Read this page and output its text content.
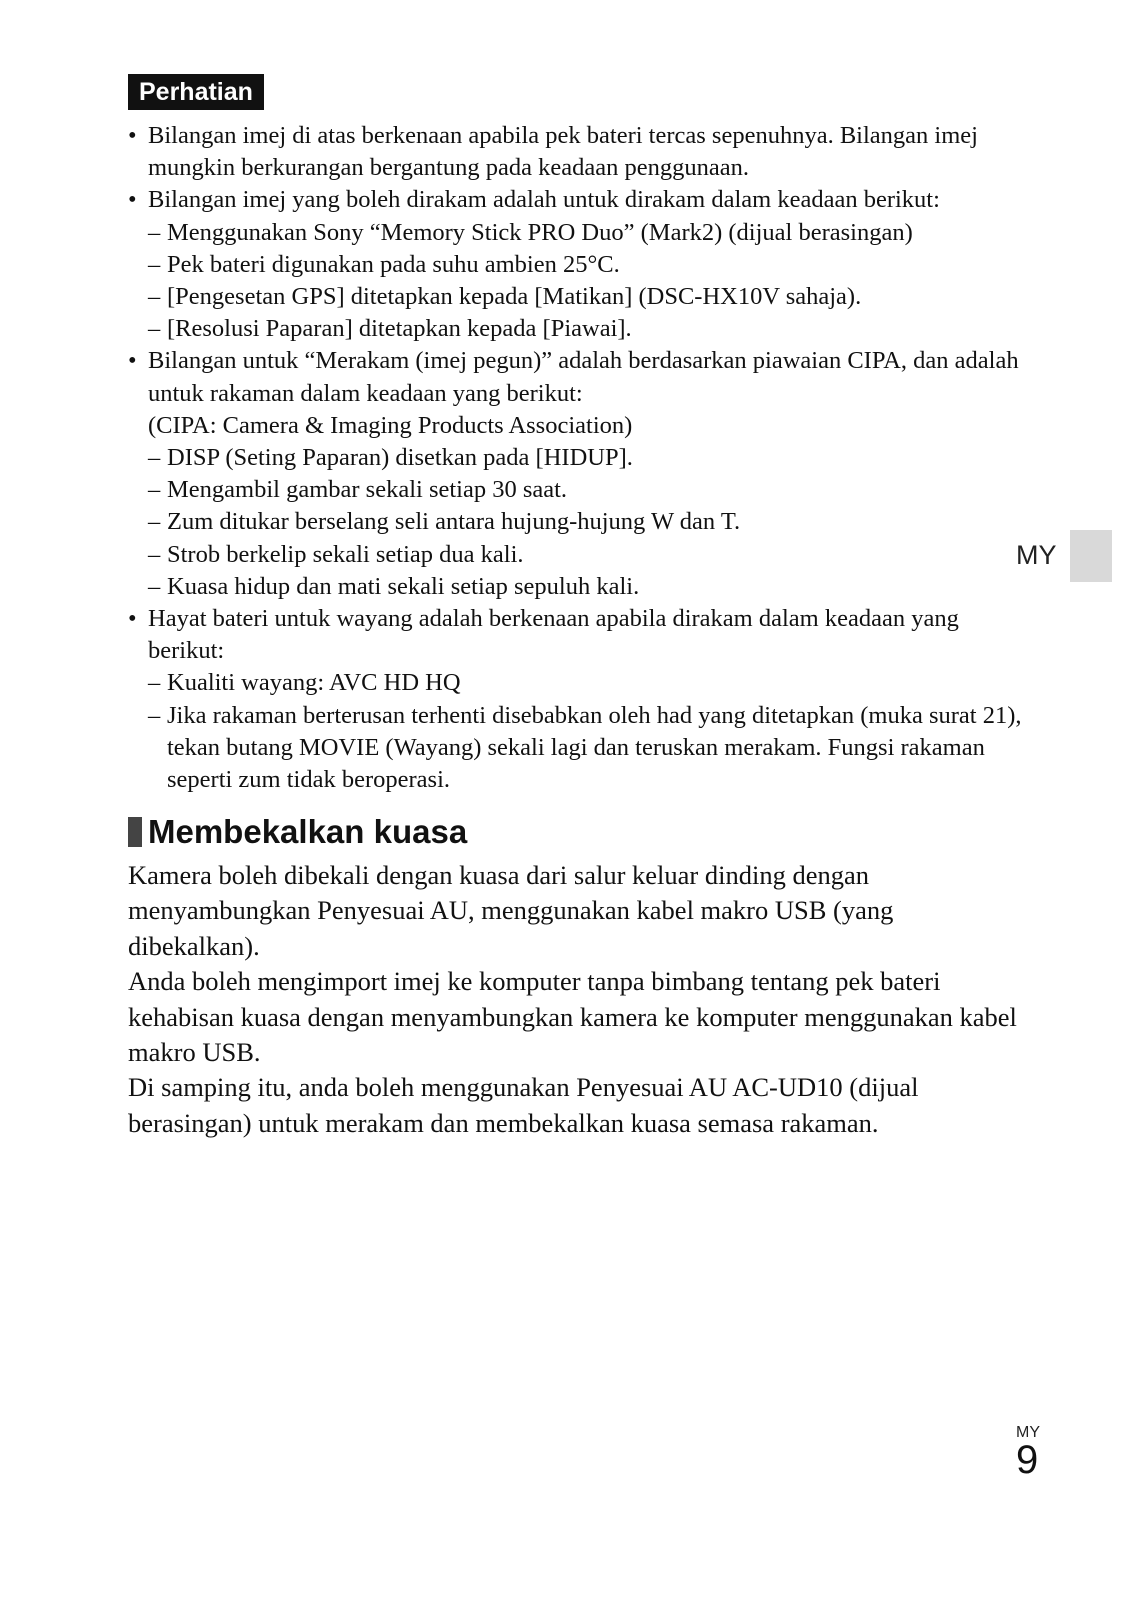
Perhatian
• Bilangan imej di atas berkenaan apabila pek bateri tercas sepenuhnya. Bilangan imej mungkin berkurangan bergantung pada keadaan penggunaan.
• Bilangan imej yang boleh dirakam adalah untuk dirakam dalam keadaan berikut:
– Menggunakan Sony “Memory Stick PRO Duo” (Mark2) (dijual berasingan)
– Pek bateri digunakan pada suhu ambien 25°C.
– [Pengesetan GPS] ditetapkan kepada [Matikan] (DSC-HX10V sahaja).
– [Resolusi Paparan] ditetapkan kepada [Piawai].
• Bilangan untuk “Merakam (imej pegun)” adalah berdasarkan piawaian CIPA, dan adalah untuk rakaman dalam keadaan yang berikut:
(CIPA: Camera & Imaging Products Association)
– DISP (Seting Paparan) disetkan pada [HIDUP].
– Mengambil gambar sekali setiap 30 saat.
– Zum ditukar berselang seli antara hujung-hujung W dan T.
– Strob berkelip sekali setiap dua kali.
– Kuasa hidup dan mati sekali setiap sepuluh kali.
• Hayat bateri untuk wayang adalah berkenaan apabila dirakam dalam keadaan yang berikut:
– Kualiti wayang: AVC HD HQ
– Jika rakaman berterusan terhenti disebabkan oleh had yang ditetapkan (muka surat 21), tekan butang MOVIE (Wayang) sekali lagi dan teruskan merakam. Fungsi rakaman seperti zum tidak beroperasi.
Membekalkan kuasa
Kamera boleh dibekali dengan kuasa dari salur keluar dinding dengan menyambungkan Penyesuai AU, menggunakan kabel makro USB (yang dibekalkan).
Anda boleh mengimport imej ke komputer tanpa bimbang tentang pek bateri kehabisan kuasa dengan menyambungkan kamera ke komputer menggunakan kabel makro USB.
Di samping itu, anda boleh menggunakan Penyesuai AU AC-UD10 (dijual berasingan) untuk merakam dan membekalkan kuasa semasa rakaman.
MY
MY
9
